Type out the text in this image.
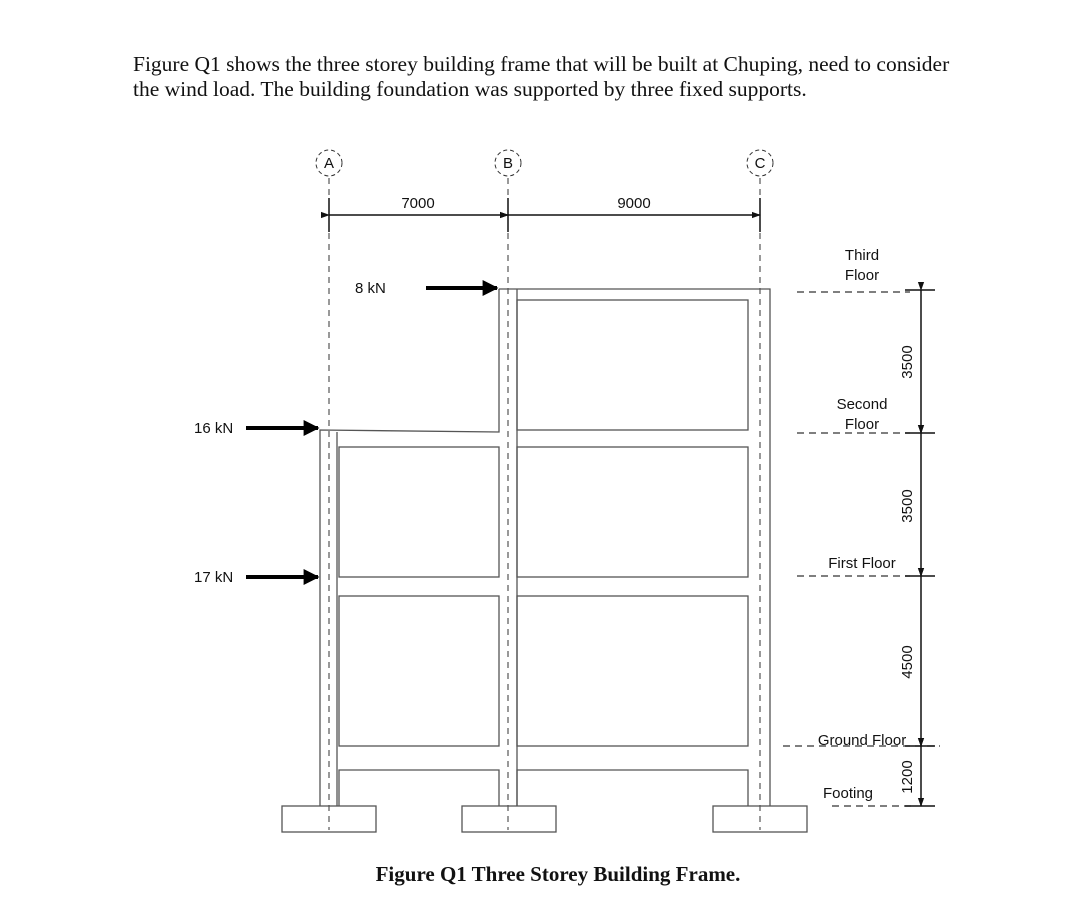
Figure Q1 shows the three storey building frame that will be built at Chuping, need to consider

the wind load. The building foundation was supported by three fixed supports.

A	B	C
7000	9000
8 kN
16 kN
17 kN
Third
Floor
Second
Floor
First Floor
Ground Floor
Footing
3500
3500
4500
1200
Figure Q1 Three Storey Building Frame.
